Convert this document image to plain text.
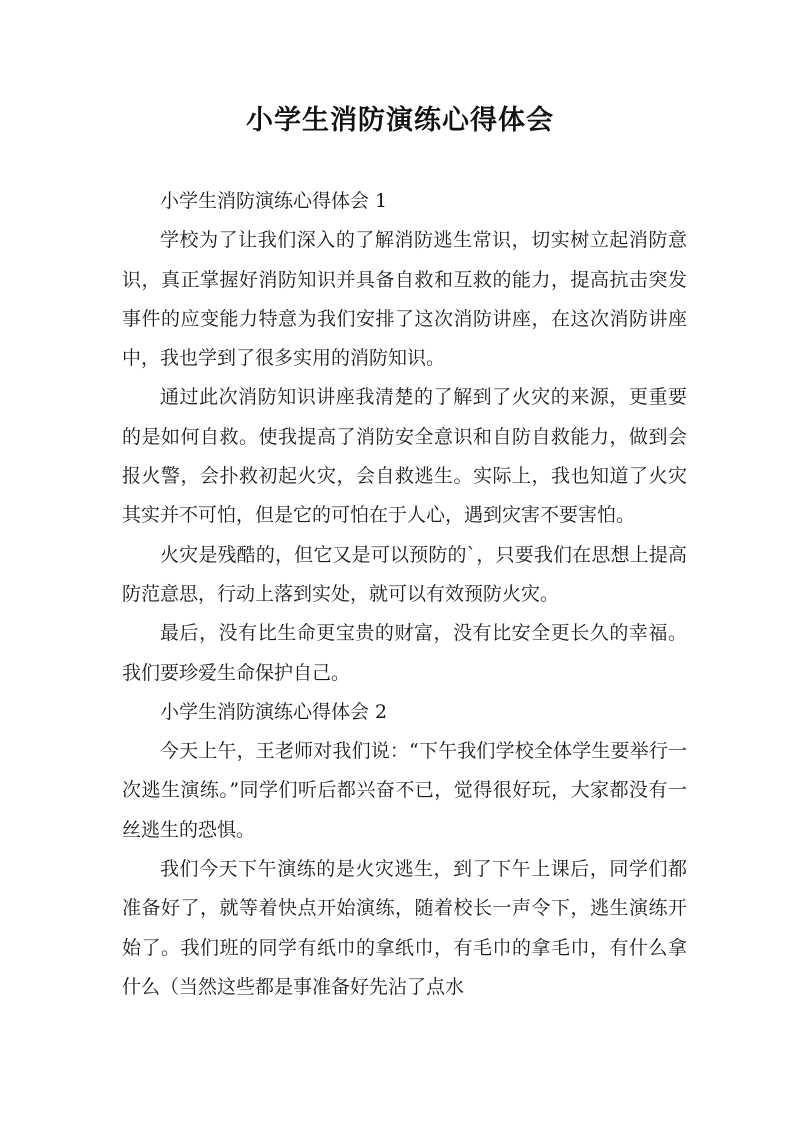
小学生消防演练心得体会

小学生消防演练心得体会 1

学校为了让我们深入的了解消防逃生常识，切实树立起消防意识，真正掌握好消防知识并具备自救和互救的能力，提高抗击突发事件的应变能力特意为我们安排了这次消防讲座，在这次消防讲座中，我也学到了很多实用的消防知识。

通过此次消防知识讲座我清楚的了解到了火灾的来源，更重要的是如何自救。使我提高了消防安全意识和自防自救能力，做到会报火警，会扑救初起火灾，会自救逃生。实际上，我也知道了火灾其实并不可怕，但是它的可怕在于人心，遇到灾害不要害怕。

火灾是残酷的，但它又是可以预防的`，只要我们在思想上提高防范意思，行动上落到实处，就可以有效预防火灾。

最后，没有比生命更宝贵的财富，没有比安全更长久的幸福。我们要珍爱生命保护自己。

小学生消防演练心得体会 2

今天上午，王老师对我们说：“下午我们学校全体学生要举行一次逃生演练。”同学们听后都兴奋不已，觉得很好玩，大家都没有一丝逃生的恐惧。

我们今天下午演练的是火灾逃生，到了下午上课后，同学们都准备好了，就等着快点开始演练，随着校长一声令下，逃生演练开始了。我们班的同学有纸巾的拿纸巾，有毛巾的拿毛巾，有什么拿什么（当然这些都是事准备好先沾了点水
